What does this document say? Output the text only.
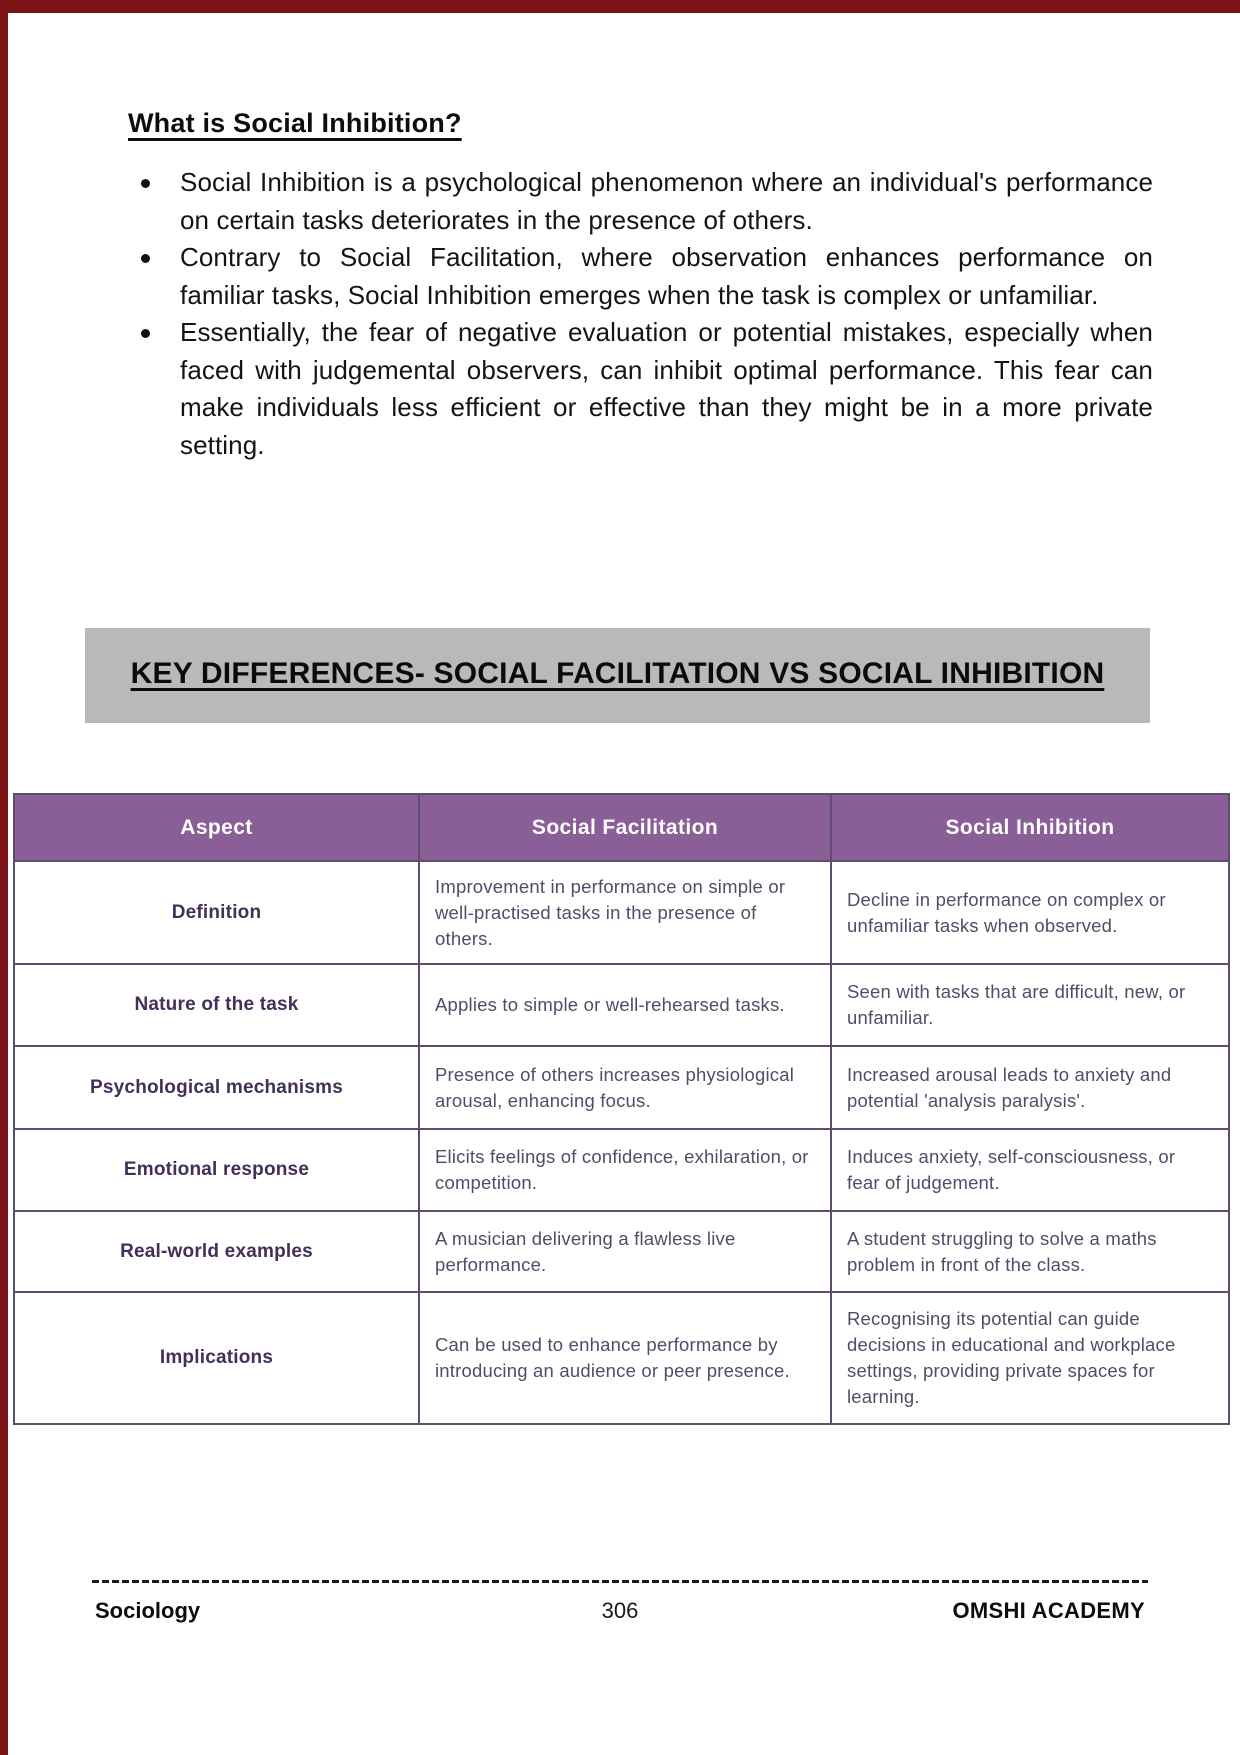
What is Social Inhibition?
Social Inhibition is a psychological phenomenon where an individual's performance on certain tasks deteriorates in the presence of others.
Contrary to Social Facilitation, where observation enhances performance on familiar tasks, Social Inhibition emerges when the task is complex or unfamiliar.
Essentially, the fear of negative evaluation or potential mistakes, especially when faced with judgemental observers, can inhibit optimal performance. This fear can make individuals less efficient or effective than they might be in a more private setting.
KEY DIFFERENCES- SOCIAL FACILITATION VS SOCIAL INHIBITION
Aspect	Social Facilitation	Social Inhibition
Definition	Improvement in performance on simple or well-practised tasks in the presence of others.	Decline in performance on complex or unfamiliar tasks when observed.
Nature of the task	Applies to simple or well-rehearsed tasks.	Seen with tasks that are difficult, new, or unfamiliar.
Psychological mechanisms	Presence of others increases physiological arousal, enhancing focus.	Increased arousal leads to anxiety and potential 'analysis paralysis'.
Emotional response	Elicits feelings of confidence, exhilaration, or competition.	Induces anxiety, self-consciousness, or fear of judgement.
Real-world examples	A musician delivering a flawless live performance.	A student struggling to solve a maths problem in front of the class.
Implications	Can be used to enhance performance by introducing an audience or peer presence.	Recognising its potential can guide decisions in educational and workplace settings, providing private spaces for learning.
Sociology	306	OMSHI ACADEMY
